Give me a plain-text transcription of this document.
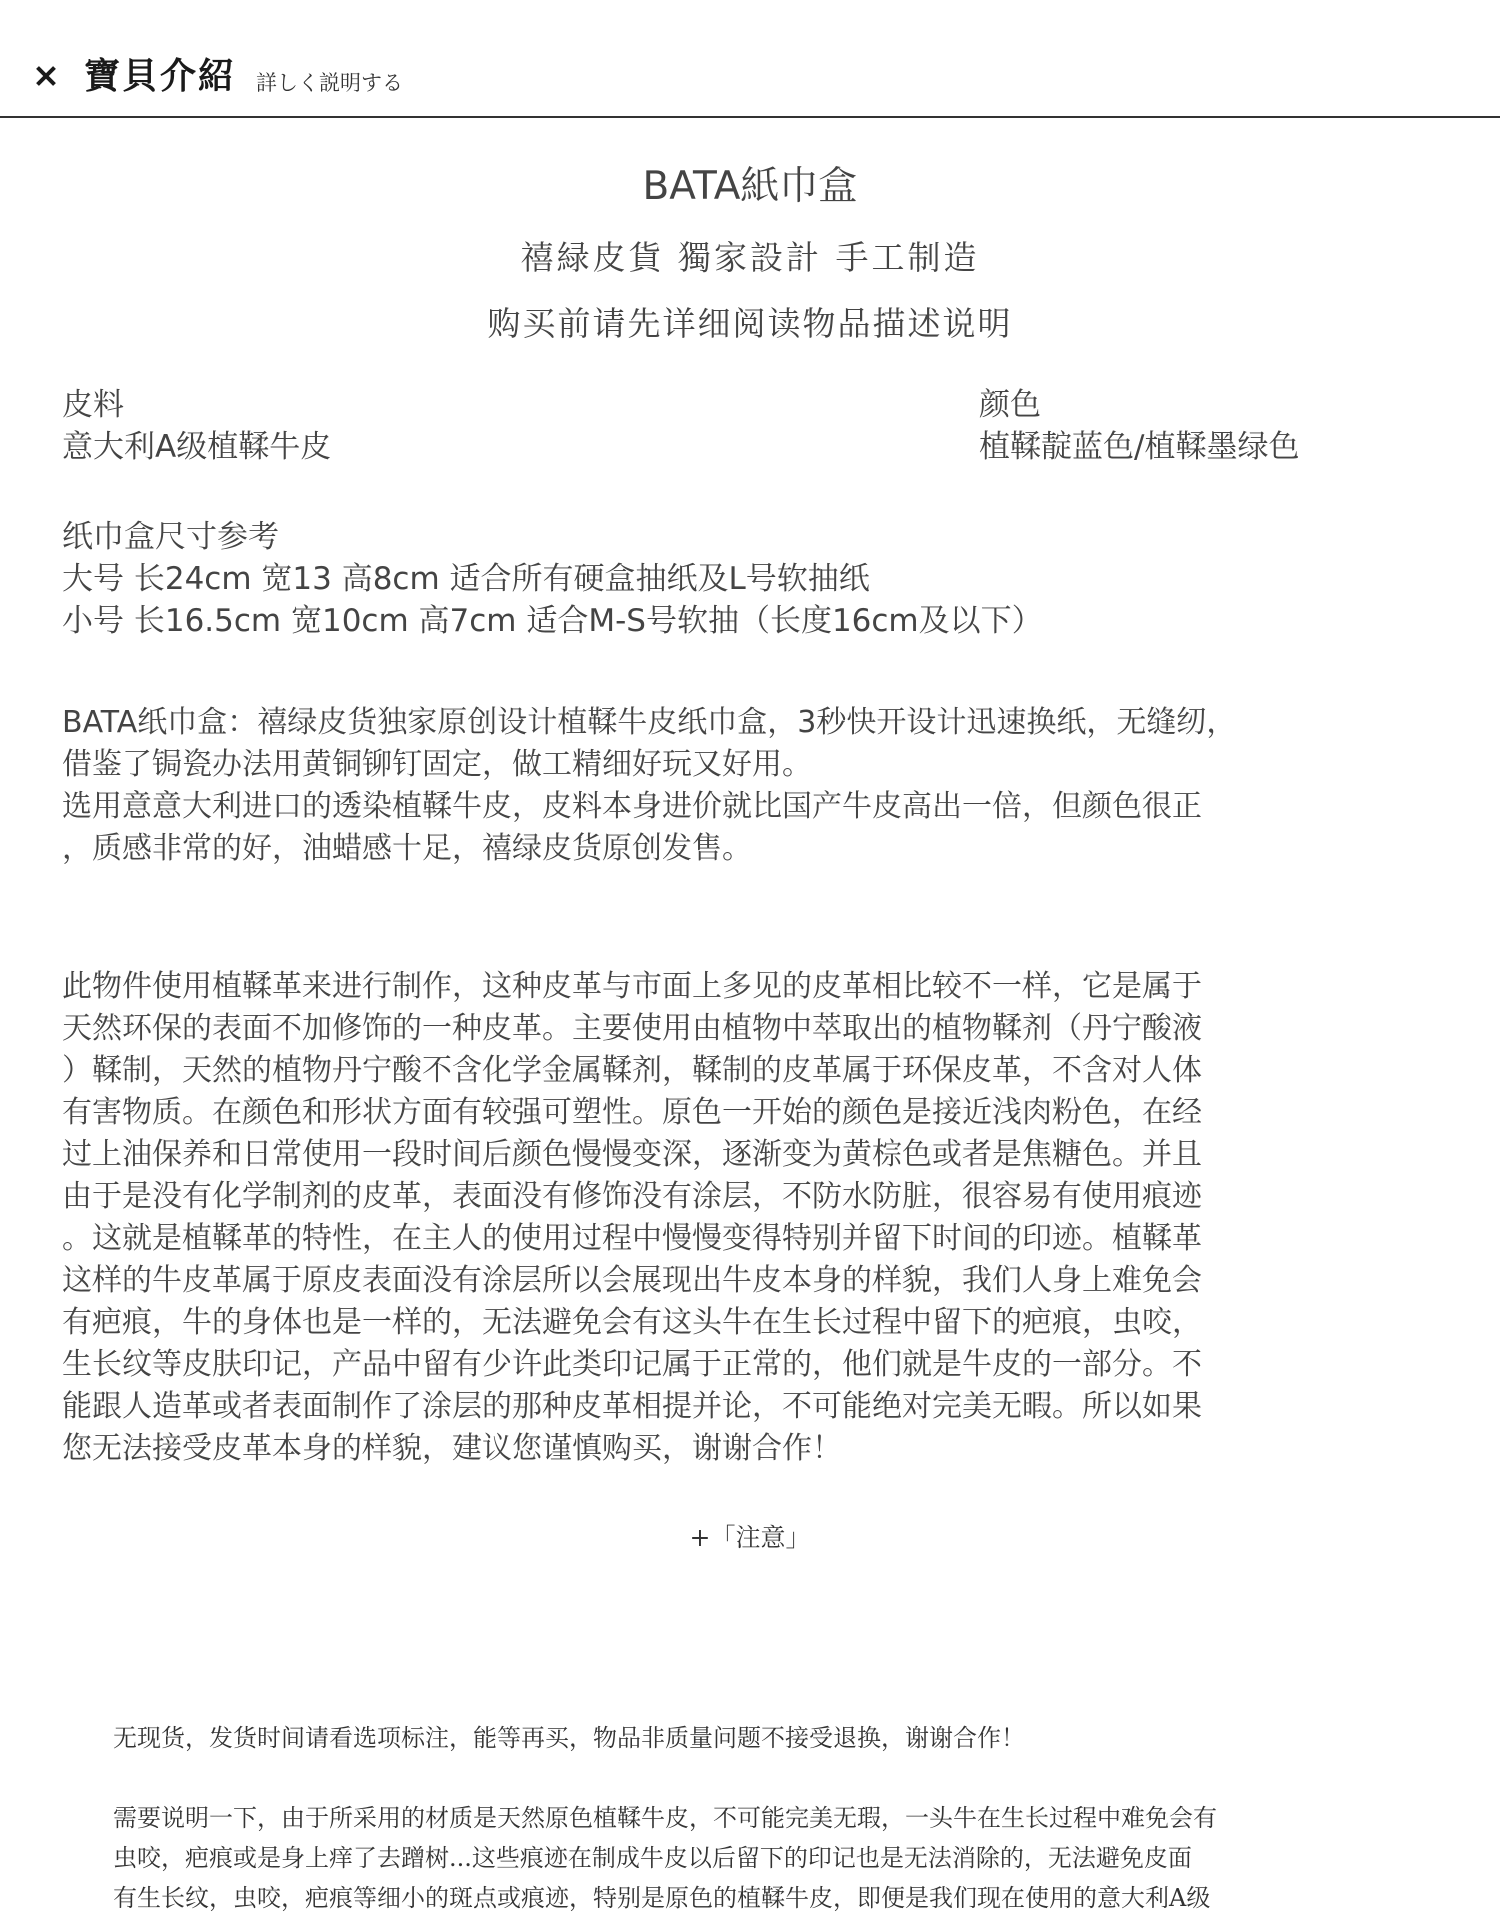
寶貝介紹 詳しく説明する
BATA紙巾盒
禧緑皮貨 獨家設計 手工制造
购买前请先详细阅读物品描述说明
皮料
意大利A级植鞣牛皮
颜色
植鞣靛蓝色/植鞣墨绿色
纸巾盒尺寸参考
大号 长24cm 宽13 高8cm 适合所有硬盒抽纸及L号软抽纸
小号 长16.5cm 宽10cm 高7cm 适合M-S号软抽（长度16cm及以下）

BATA纸巾盒：禧绿皮货独家原创设计植鞣牛皮纸巾盒，3秒快开设计迅速换纸，无缝纫，

借鉴了锔瓷办法用黄铜铆钉固定，做工精细好玩又好用。

选用意意大利进口的透染植鞣牛皮，皮料本身进价就比国产牛皮高出一倍，但颜色很正

，质感非常的好，油蜡感十足，禧绿皮货原创发售。

此物件使用植鞣革来进行制作，这种皮革与市面上多见的皮革相比较不一样，它是属于

天然环保的表面不加修饰的一种皮革。主要使用由植物中萃取出的植物鞣剂（丹宁酸液

）鞣制，天然的植物丹宁酸不含化学金属鞣剂，鞣制的皮革属于环保皮革，不含对人体

有害物质。在颜色和形状方面有较强可塑性。原色一开始的颜色是接近浅肉粉色，在经

过上油保养和日常使用一段时间后颜色慢慢变深，逐渐变为黄棕色或者是焦糖色。并且

由于是没有化学制剂的皮革，表面没有修饰没有涂层，不防水防脏，很容易有使用痕迹

。这就是植鞣革的特性，在主人的使用过程中慢慢变得特别并留下时间的印迹。植鞣革

这样的牛皮革属于原皮表面没有涂层所以会展现出牛皮本身的样貌，我们人身上难免会

有疤痕，牛的身体也是一样的，无法避免会有这头牛在生长过程中留下的疤痕，虫咬，

生长纹等皮肤印记，产品中留有少许此类印记属于正常的，他们就是牛皮的一部分。不

能跟人造革或者表面制作了涂层的那种皮革相提并论，不可能绝对完美无暇。所以如果

您无法接受皮革本身的样貌，建议您谨慎购买，谢谢合作！

+「注意」

无现货，发货时间请看选项标注，能等再买，物品非质量问题不接受退换，谢谢合作！

需要说明一下，由于所采用的材质是天然原色植鞣牛皮，不可能完美无瑕，一头牛在生长过程中难免会有

虫咬，疤痕或是身上痒了去蹭树...这些痕迹在制成牛皮以后留下的印记也是无法消除的，无法避免皮面

有生长纹，虫咬，疤痕等细小的斑点或痕迹，特别是原色的植鞣牛皮，即便是我们现在使用的意大利A级
